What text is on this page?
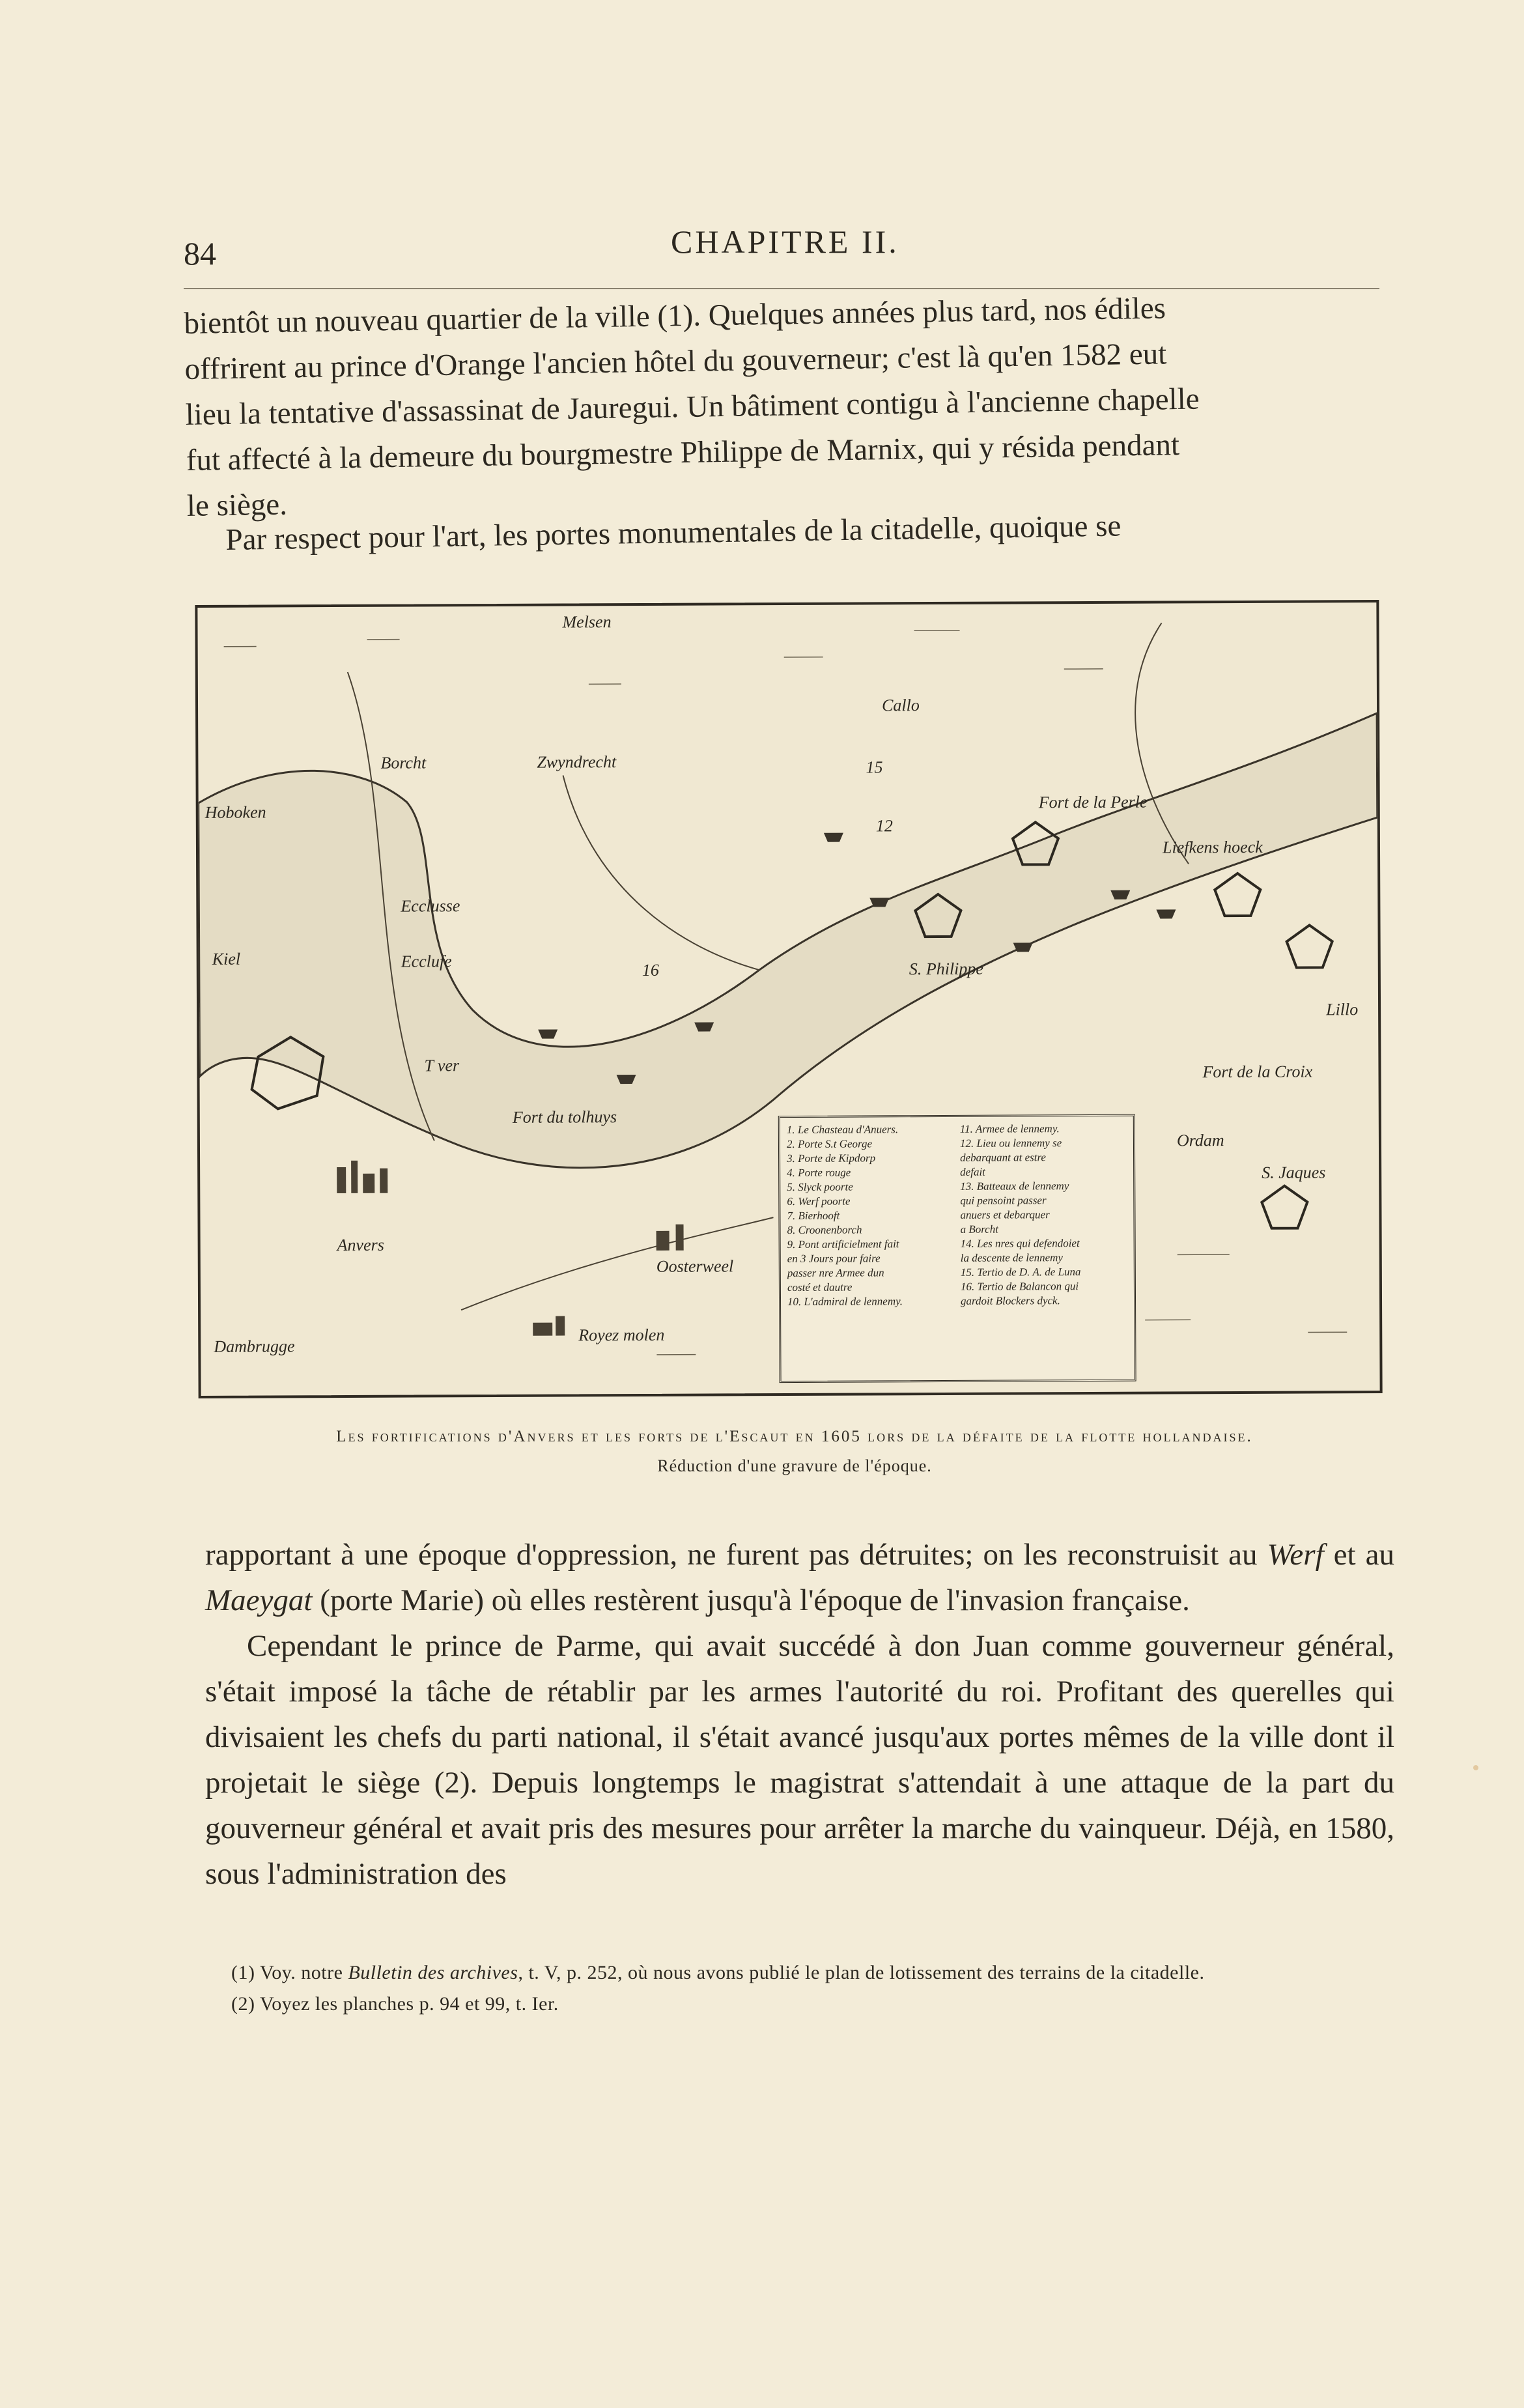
84	CHAPITRE II.
bientôt un nouveau quartier de la ville (1). Quelques années plus tard, nos édiles
offrirent au prince d'Orange l'ancien hôtel du gouverneur; c'est là qu'en 1582 eut
lieu la tentative d'assassinat de Jauregui. Un bâtiment contigu à l'ancienne chapelle
fut affecté à la demeure du bourgmestre Philippe de Marnix, qui y résida pendant
le siège.
Par respect pour l'art, les portes monumentales de la citadelle, quoique se
Melsen
Borcht	Zwyndrecht
Hoboken
Ecclusse
Ecclufe
Kiel
T ver
Fort du tolhuys
Anvers
Oosterweel
Dambrugge
Royez molen
Fort de la Perle
S. Philippe
Liefkens hoeck
Lillo
Fort de la Croix
Ordam
S. Jaques
Callo
15
12
16
1. Le Chasteau d'Anuers.
2. Porte S.t George
3. Porte de Kipdorp
4. Porte rouge
5. Slyck poorte
6. Werf poorte
7. Bierhooft
8. Croonenborch
9. Pont artificielment fait
en 3 Jours pour faire
passer nre Armee dun
costé et dautre
10. L'admiral de lennemy.
11. Armee de lennemy.
12. Lieu ou lennemy se
debarquant at estre
defait
13. Batteaux de lennemy
qui pensoint passer
anuers et debarquer
a Borcht
14. Les nres qui defendoiet
la descente de lennemy
15. Tertio de D. A. de Luna
16. Tertio de Balancon qui
gardoit Blockers dyck.
Les fortifications d'Anvers et les forts de l'Escaut en 1605 lors de la défaite de la flotte hollandaise.
Réduction d'une gravure de l'époque.

rapportant à une époque d'oppression, ne furent pas détruites; on les reconstruisit au Werf et au Maeygat (porte Marie) où elles restèrent jusqu'à l'époque de l'invasion française.

Cependant le prince de Parme, qui avait succédé à don Juan comme gouverneur général, s'était imposé la tâche de rétablir par les armes l'autorité du roi. Profitant des querelles qui divisaient les chefs du parti national, il s'était avancé jusqu'aux portes mêmes de la ville dont il projetait le siège (2). Depuis longtemps le magistrat s'attendait à une attaque de la part du gouverneur général et avait pris des mesures pour arrêter la marche du vainqueur. Déjà, en 1580, sous l'administration des

(1) Voy. notre Bulletin des archives, t. V, p. 252, où nous avons publié le plan de lotissement des terrains de la citadelle.
(2) Voyez les planches p. 94 et 99, t. Ier.
